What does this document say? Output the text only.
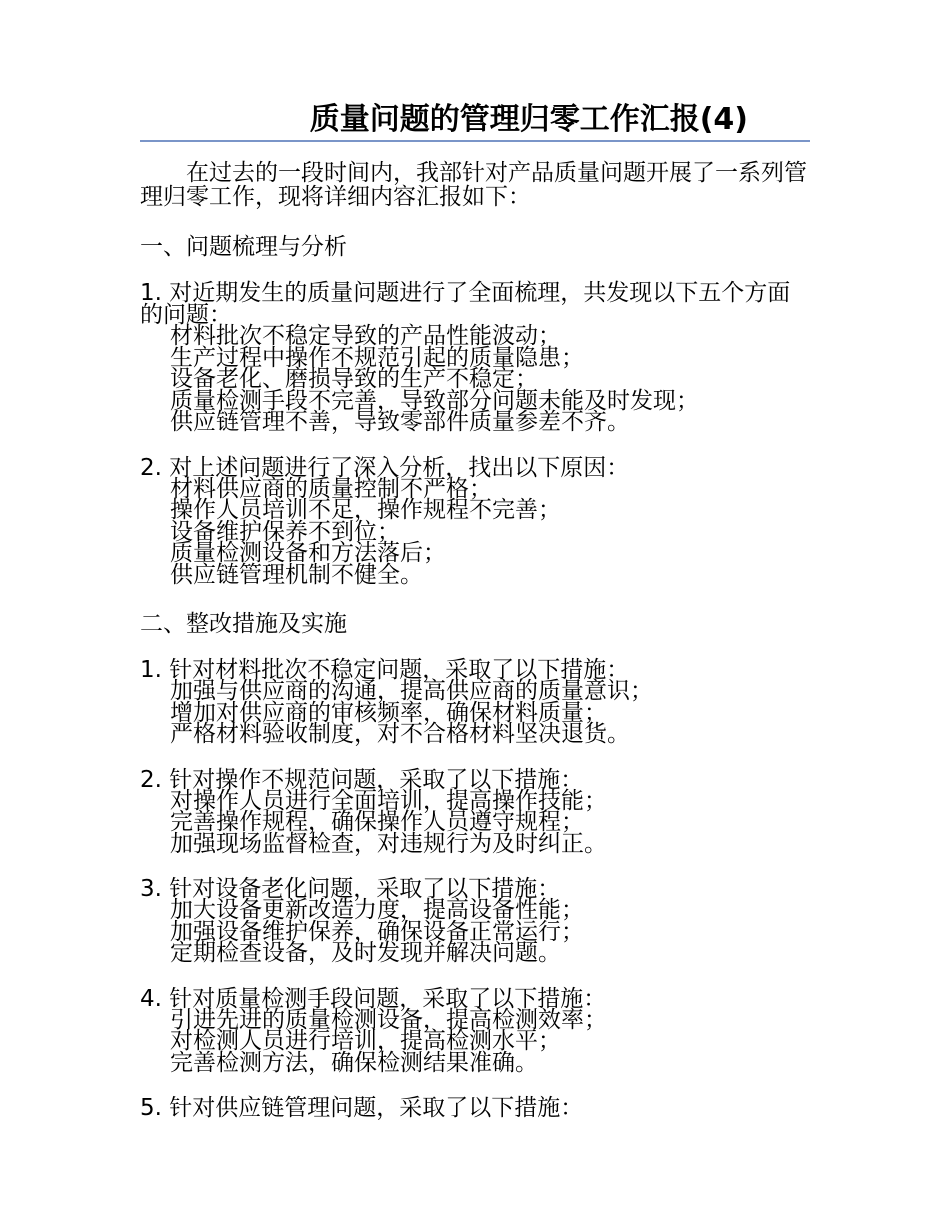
质量问题的管理归零工作汇报(4)

在过去的一段时间内，我部针对产品质量问题开展了一系列管理归零工作，现将详细内容汇报如下：

一、问题梳理与分析
1. 对近期发生的质量问题进行了全面梳理，共发现以下五个方面的问题：
材料批次不稳定导致的产品性能波动；
生产过程中操作不规范引起的质量隐患；
设备老化、磨损导致的生产不稳定；
质量检测手段不完善，导致部分问题未能及时发现；
供应链管理不善，导致零部件质量参差不齐。
2. 对上述问题进行了深入分析，找出以下原因：
材料供应商的质量控制不严格；
操作人员培训不足，操作规程不完善；
设备维护保养不到位；
质量检测设备和方法落后；
供应链管理机制不健全。
二、整改措施及实施
1. 针对材料批次不稳定问题，采取了以下措施：
加强与供应商的沟通，提高供应商的质量意识；
增加对供应商的审核频率，确保材料质量；
严格材料验收制度，对不合格材料坚决退货。
2. 针对操作不规范问题，采取了以下措施：
对操作人员进行全面培训，提高操作技能；
完善操作规程，确保操作人员遵守规程；
加强现场监督检查，对违规行为及时纠正。
3. 针对设备老化问题，采取了以下措施：
加大设备更新改造力度，提高设备性能；
加强设备维护保养，确保设备正常运行；
定期检查设备，及时发现并解决问题。
4. 针对质量检测手段问题，采取了以下措施：
引进先进的质量检测设备，提高检测效率；
对检测人员进行培训，提高检测水平；
完善检测方法，确保检测结果准确。
5. 针对供应链管理问题，采取了以下措施：
